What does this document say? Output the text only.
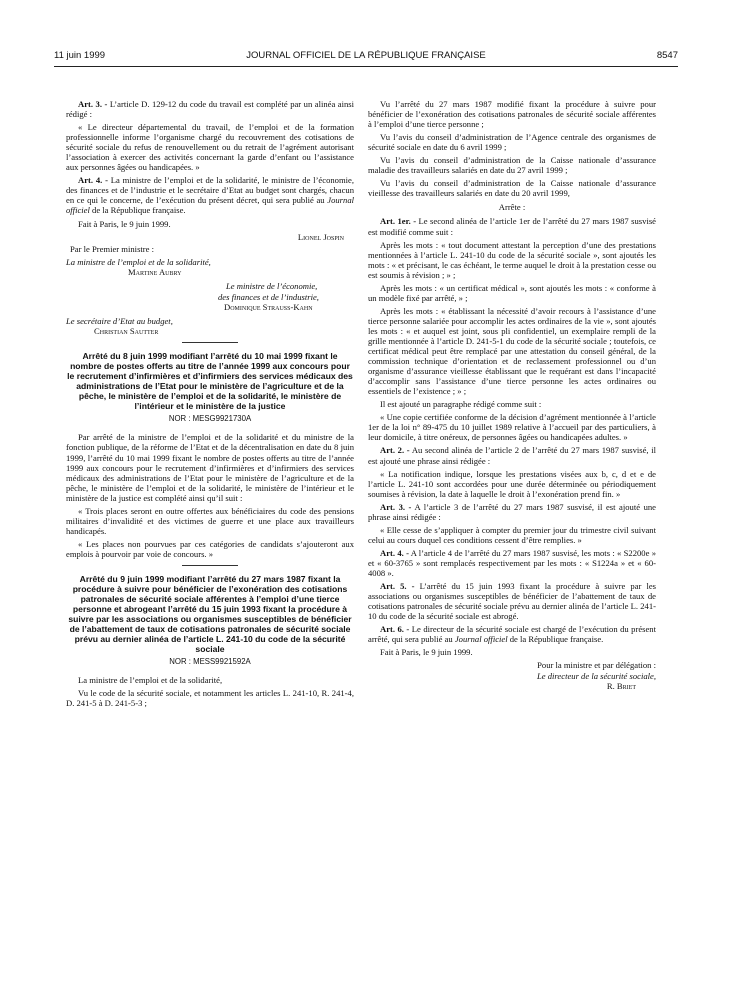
11 juin 1999	JOURNAL OFFICIEL DE LA RÉPUBLIQUE FRANÇAISE	8547

Art. 3. - L’article D. 129-12 du code du travail est complété par un alinéa ainsi rédigé :

« Le directeur départemental du travail, de l’emploi et de la formation professionnelle informe l’organisme chargé du recouvrement des cotisations de sécurité sociale du refus de renouvellement ou du retrait de l’agrément autorisant l’association à exercer des activités concernant la garde d’enfant ou l’assistance aux personnes âgées ou handicapées. »

Art. 4. - La ministre de l’emploi et de la solidarité, le ministre de l’économie, des finances et de l’industrie et le secrétaire d’Etat au budget sont chargés, chacun en ce qui le concerne, de l’exécution du présent décret, qui sera publié au Journal officiel de la République française.

Fait à Paris, le 9 juin 1999.

Lionel Jospin
Par le Premier ministre :
La ministre de l’emploi et de la solidarité,
Martine Aubry
Le ministre de l’économie,
des finances et de l’industrie,
Dominique Strauss-Kahn
Le secrétaire d’Etat au budget,
Christian Sautter
Arrêté du 8 juin 1999 modifiant l’arrêté du 10 mai 1999 fixant le nombre de postes offerts au titre de l’année 1999 aux concours pour le recrutement d’infirmières et d’infirmiers des services médicaux des administrations de l’Etat pour le ministère de l’agriculture et de la pêche, le ministère de l’emploi et de la solidarité, le ministère de l’intérieur et le ministère de la justice
NOR : MESG9921730A

Par arrêté de la ministre de l’emploi et de la solidarité et du ministre de la fonction publique, de la réforme de l’Etat et de la décentralisation en date du 8 juin 1999, l’arrêté du 10 mai 1999 fixant le nombre de postes offerts au titre de l’année 1999 aux concours pour le recrutement d’infirmières et d’infirmiers des services médicaux des administrations de l’Etat pour le ministère de l’agriculture et de la pêche, le ministère de l’emploi et de la solidarité, le ministère de l’intérieur et le ministère de la justice est complété ainsi qu’il suit :

« Trois places seront en outre offertes aux bénéficiaires du code des pensions militaires d’invalidité et des victimes de guerre et une place aux travailleurs handicapés.

« Les places non pourvues par ces catégories de candidats s’ajouteront aux emplois à pourvoir par voie de concours. »

Arrêté du 9 juin 1999 modifiant l’arrêté du 27 mars 1987 fixant la procédure à suivre pour bénéficier de l’exonération des cotisations patronales de sécurité sociale afférentes à l’emploi d’une tierce personne et abrogeant l’arrêté du 15 juin 1993 fixant la procédure à suivre par les associations ou organismes susceptibles de bénéficier de l’abattement de taux de cotisations patronales de sécurité sociale prévu au dernier alinéa de l’article L. 241-10 du code de la sécurité sociale
NOR : MESS9921592A

La ministre de l’emploi et de la solidarité,

Vu le code de la sécurité sociale, et notamment les articles L. 241-10, R. 241-4, D. 241-5 à D. 241-5-3 ;

Vu l’arrêté du 27 mars 1987 modifié fixant la procédure à suivre pour bénéficier de l’exonération des cotisations patronales de sécurité sociale afférentes à l’emploi d’une tierce personne ;

Vu l’avis du conseil d’administration de l’Agence centrale des organismes de sécurité sociale en date du 6 avril 1999 ;

Vu l’avis du conseil d’administration de la Caisse nationale d’assurance maladie des travailleurs salariés en date du 27 avril 1999 ;

Vu l’avis du conseil d’administration de la Caisse nationale d’assurance vieillesse des travailleurs salariés en date du 20 avril 1999,

Arrête :

Art. 1er. - Le second alinéa de l’article 1er de l’arrêté du 27 mars 1987 susvisé est modifié comme suit :

Après les mots : « tout document attestant la perception d’une des prestations mentionnées à l’article L. 241-10 du code de la sécurité sociale », sont ajoutés les mots : « et précisant, le cas échéant, le terme auquel le droit à la prestation cesse ou est soumis à révision ; » ;

Après les mots : « un certificat médical », sont ajoutés les mots : « conforme à un modèle fixé par arrêté, » ;

Après les mots : « établissant la nécessité d’avoir recours à l’assistance d’une tierce personne salariée pour accomplir les actes ordinaires de la vie », sont ajoutés les mots : « et auquel est joint, sous pli confidentiel, un exemplaire rempli de la grille mentionnée à l’article D. 241-5-1 du code de la sécurité sociale ; toutefois, ce certificat médical peut être remplacé par une attestation du conseil général, de la commission technique d’orientation et de reclassement professionnel ou d’un organisme d’assurance vieillesse établissant que le requérant est dans l’incapacité d’accomplir sans l’assistance d’une tierce personne les actes ordinaires ou essentiels de l’existence ; » ;

Il est ajouté un paragraphe rédigé comme suit :

« Une copie certifiée conforme de la décision d’agrément mentionnée à l’article 1er de la loi n° 89-475 du 10 juillet 1989 relative à l’accueil par des particuliers, à leur domicile, à titre onéreux, de personnes âgées ou handicapées adultes. »

Art. 2. - Au second alinéa de l’article 2 de l’arrêté du 27 mars 1987 susvisé, il est ajouté une phrase ainsi rédigée :

« La notification indique, lorsque les prestations visées aux b, c, d et e de l’article L. 241-10 sont accordées pour une durée déterminée ou périodiquement soumises à révision, la date à laquelle le droit à l’exonération prend fin. »

Art. 3. - A l’article 3 de l’arrêté du 27 mars 1987 susvisé, il est ajouté une phrase ainsi rédigée :

« Elle cesse de s’appliquer à compter du premier jour du trimestre civil suivant celui au cours duquel ces conditions cessent d’être remplies. »

Art. 4. - A l’article 4 de l’arrêté du 27 mars 1987 susvisé, les mots : « S2200e » et « 60-3765 » sont remplacés respectivement par les mots : « S1224a » et « 60-4008 ».

Art. 5. - L’arrêté du 15 juin 1993 fixant la procédure à suivre par les associations ou organismes susceptibles de bénéficier de l’abattement de taux de cotisations patronales de sécurité sociale prévu au dernier alinéa de l’article L. 241-10 du code de la sécurité sociale est abrogé.

Art. 6. - Le directeur de la sécurité sociale est chargé de l’exécution du présent arrêté, qui sera publié au Journal officiel de la République française.

Fait à Paris, le 9 juin 1999.

Pour la ministre et par délégation :
Le directeur de la sécurité sociale,
R. Briet
